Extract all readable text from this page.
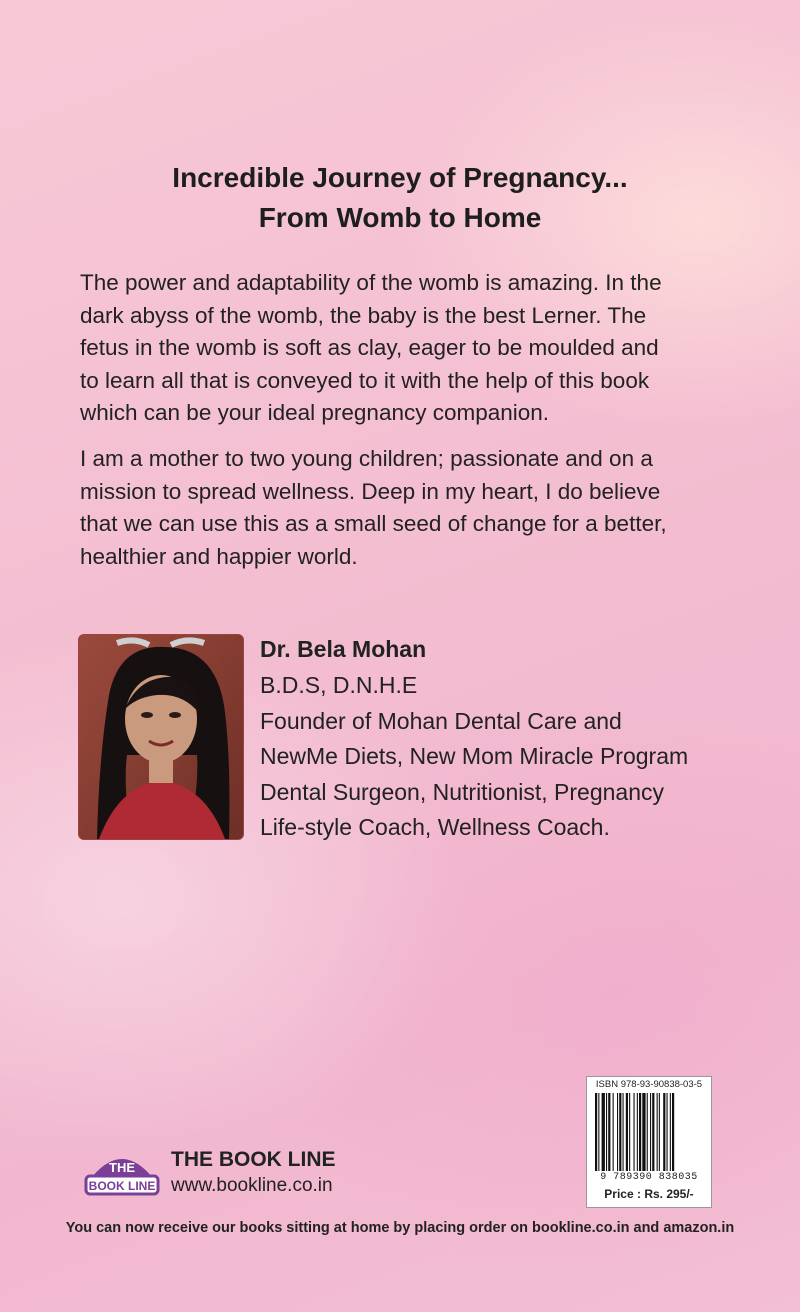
Incredible Journey of Pregnancy...
From Womb to Home
The power and adaptability of the womb is amazing. In the
dark abyss of the womb, the baby is the best Lerner. The
fetus in the womb is soft as clay, eager to be moulded and
to learn all that is conveyed to it with the help of this book
which can be your ideal pregnancy companion.
I am a mother to two young children; passionate and on a
mission to spread wellness. Deep in my heart, I do believe
that we can use this as a small seed of change for a better,
healthier and happier world.
Dr. Bela Mohan
B.D.S, D.N.H.E
Founder of Mohan Dental Care and
NewMe Diets, New Mom Miracle Program
Dental Surgeon, Nutritionist, Pregnancy
Life-style Coach, Wellness Coach.
ISBN 978-93-90838-03-5
9 789390 838035
Price : Rs. 295/-
THE
BOOK LINE
THE BOOK LINE
www.bookline.co.in
You can now receive our books sitting at home by placing order on bookline.co.in and amazon.in
